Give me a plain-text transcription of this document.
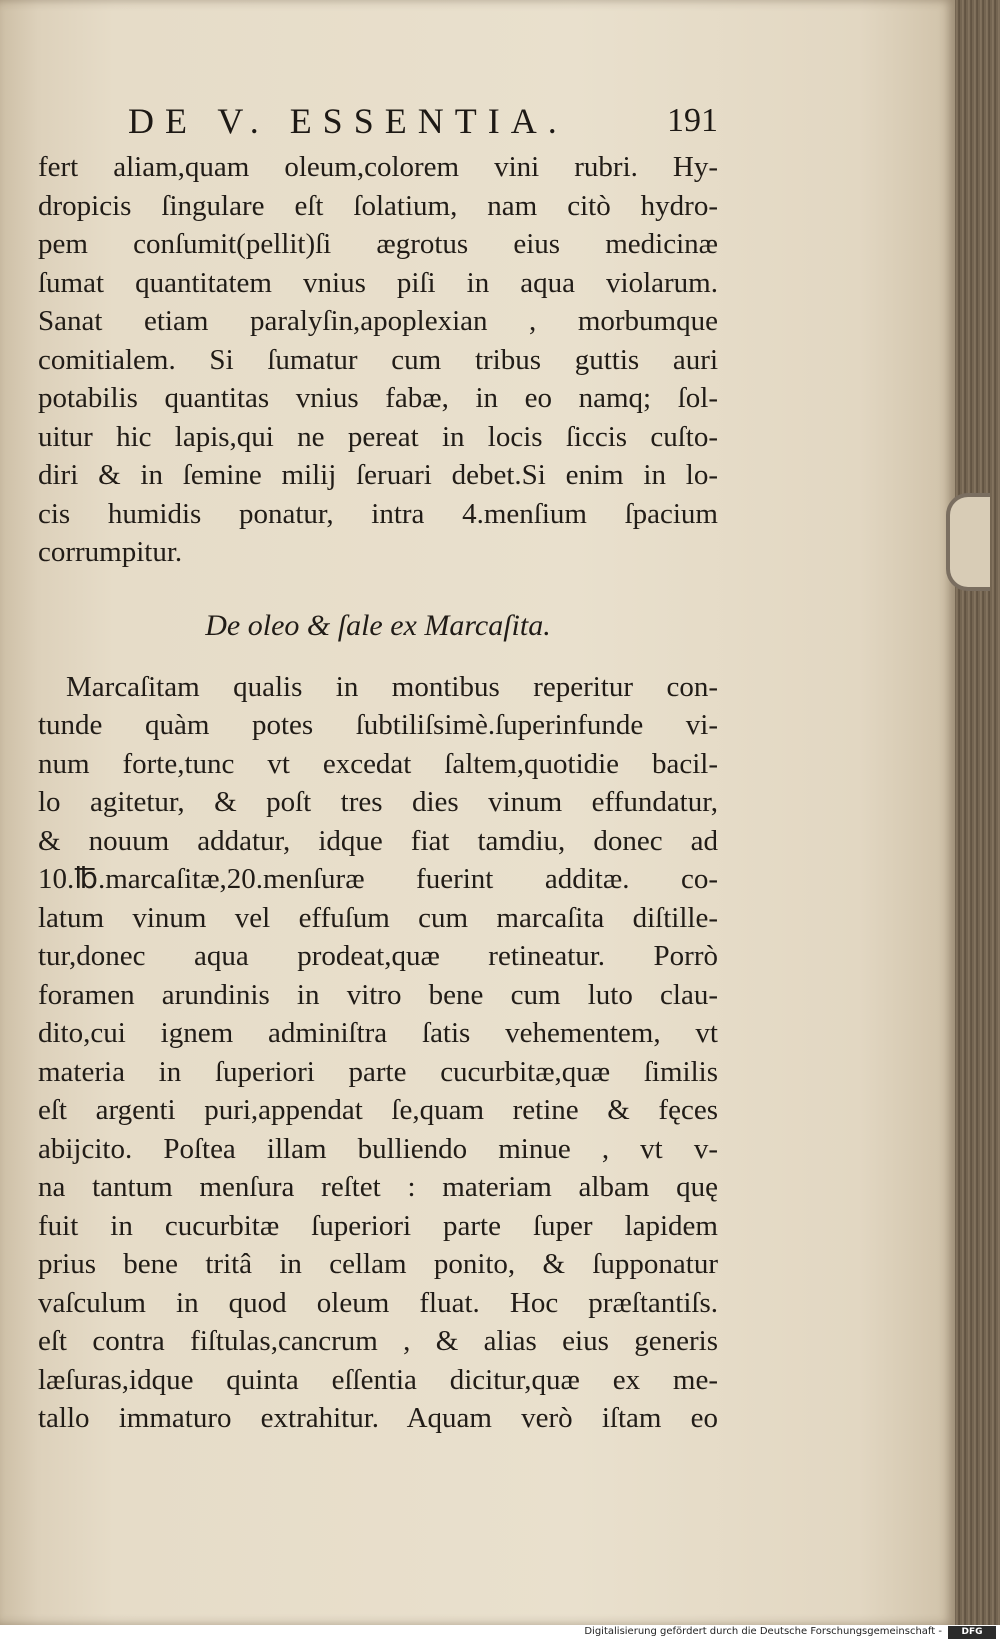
DE V. ESSENTIA.	191
fert aliam,quam oleum,colorem vini rubri. Hy-
dropicis ſingulare eſt ſolatium, nam citò hydro-
pem conſumit(pellit)ſi ægrotus eius medicinæ
ſumat quantitatem vnius piſi in aqua violarum.
Sanat etiam paralyſin,apoplexian , morbumque
comitialem. Si ſumatur cum tribus guttis auri
potabilis quantitas vnius fabæ, in eo namq; ſol-
uitur hic lapis,qui ne pereat in locis ſiccis cuſto-
diri & in ſemine milij ſeruari debet.Si enim in lo-
cis humidis ponatur, intra 4.menſium ſpacium
corrumpitur.
De oleo & ſale ex Marcaſita.
Marcaſitam qualis in montibus reperitur con-
tunde quàm potes ſubtiliſsimè.ſuperinfunde vi-
num forte,tunc vt excedat ſaltem,quotidie bacil-
lo agitetur, & poſt tres dies vinum effundatur,
& nouum addatur, idque fiat tamdiu, donec ad
10.℔.marcaſitæ,20.menſuræ fuerint additæ. co-
latum vinum vel effuſum cum marcaſita diſtille-
tur,donec aqua prodeat,quæ retineatur. Porrò
foramen arundinis in vitro bene cum luto clau-
dito,cui ignem adminiſtra ſatis vehementem, vt
materia in ſuperiori parte cucurbitæ,quæ ſimilis
eſt argenti puri,appendat ſe,quam retine & fęces
abijcito. Poſtea illam bulliendo minue , vt v-
na tantum menſura reſtet : materiam albam quę
fuit in cucurbitæ ſuperiori parte ſuper lapidem
prius bene tritâ in cellam ponito, & ſupponatur
vaſculum in quod oleum fluat. Hoc præſtantiſs.
eſt contra fiſtulas,cancrum , & alias eius generis
læſuras,idque quinta eſſentia dicitur,quæ ex me-
tallo immaturo extrahitur. Aquam verò iſtam eo
Digitalisierung gefördert durch die Deutsche Forschungsgemeinschaft -	DFG
